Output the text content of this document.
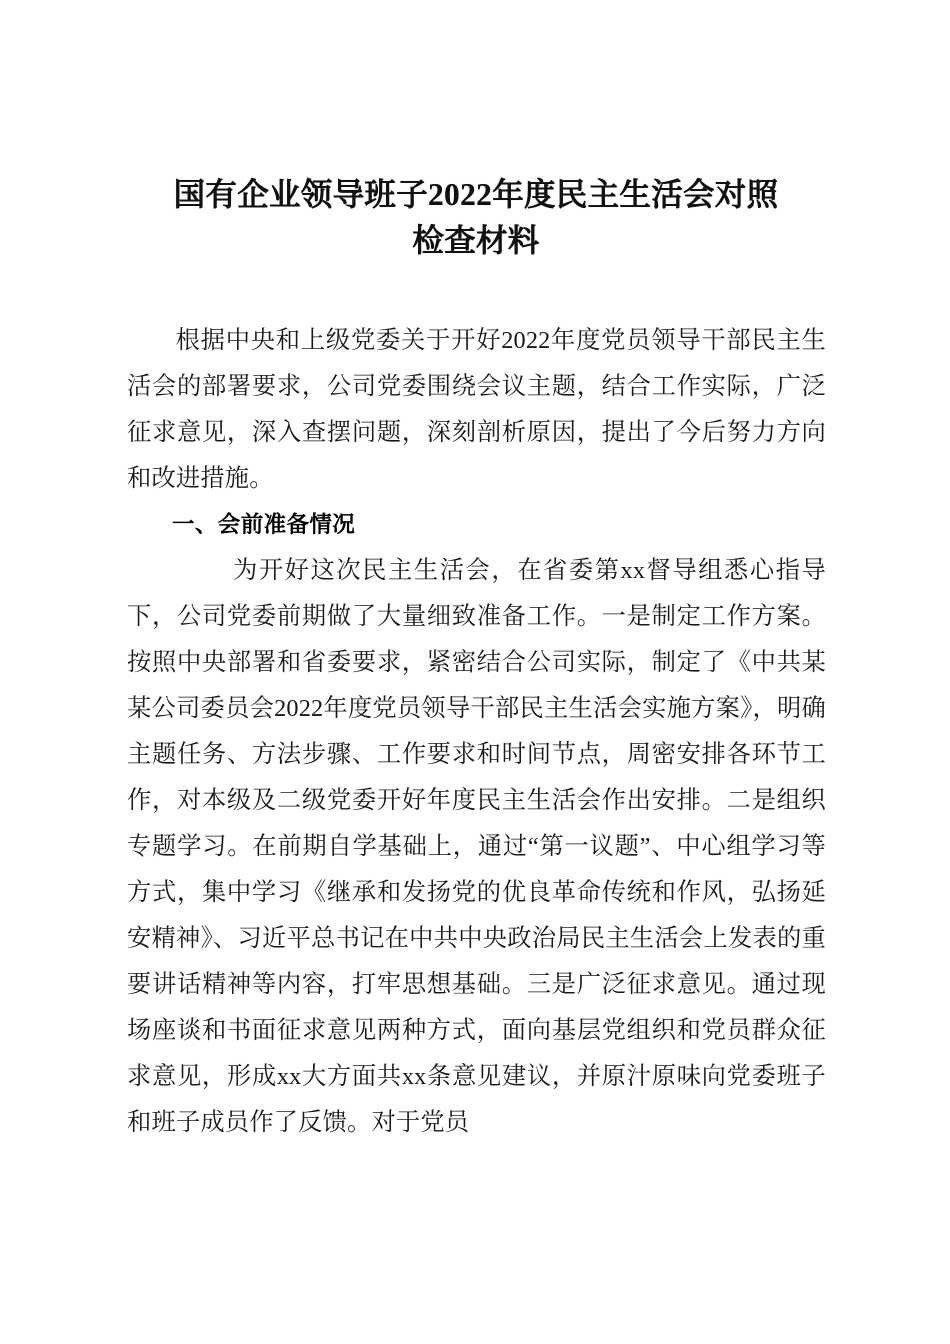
国有企业领导班子2022年度民主生活会对照
检查材料

根据中央和上级党委关于开好2022年度党员领导干部民主生活会的部署要求，公司党委围绕会议主题，结合工作实际，广泛征求意见，深入查摆问题，深刻剖析原因，提出了今后努力方向和改进措施。

一、会前准备情况

为开好这次民主生活会，在省委第xx督导组悉心指导下，公司党委前期做了大量细致准备工作。一是制定工作方案。按照中央部署和省委要求，紧密结合公司实际，制定了《中共某某公司委员会2022年度党员领导干部民主生活会实施方案》，明确主题任务、方法步骤、工作要求和时间节点，周密安排各环节工作，对本级及二级党委开好年度民主生活会作出安排。二是组织专题学习。在前期自学基础上，通过“第一议题”、中心组学习等方式，集中学习《继承和发扬党的优良革命传统和作风，弘扬延安精神》、习近平总书记在中共中央政治局民主生活会上发表的重要讲话精神等内容，打牢思想基础。三是广泛征求意见。通过现场座谈和书面征求意见两种方式，面向基层党组织和党员群众征求意见，形成xx大方面共xx条意见建议，并原汁原味向党委班子和班子成员作了反馈。对于党员
